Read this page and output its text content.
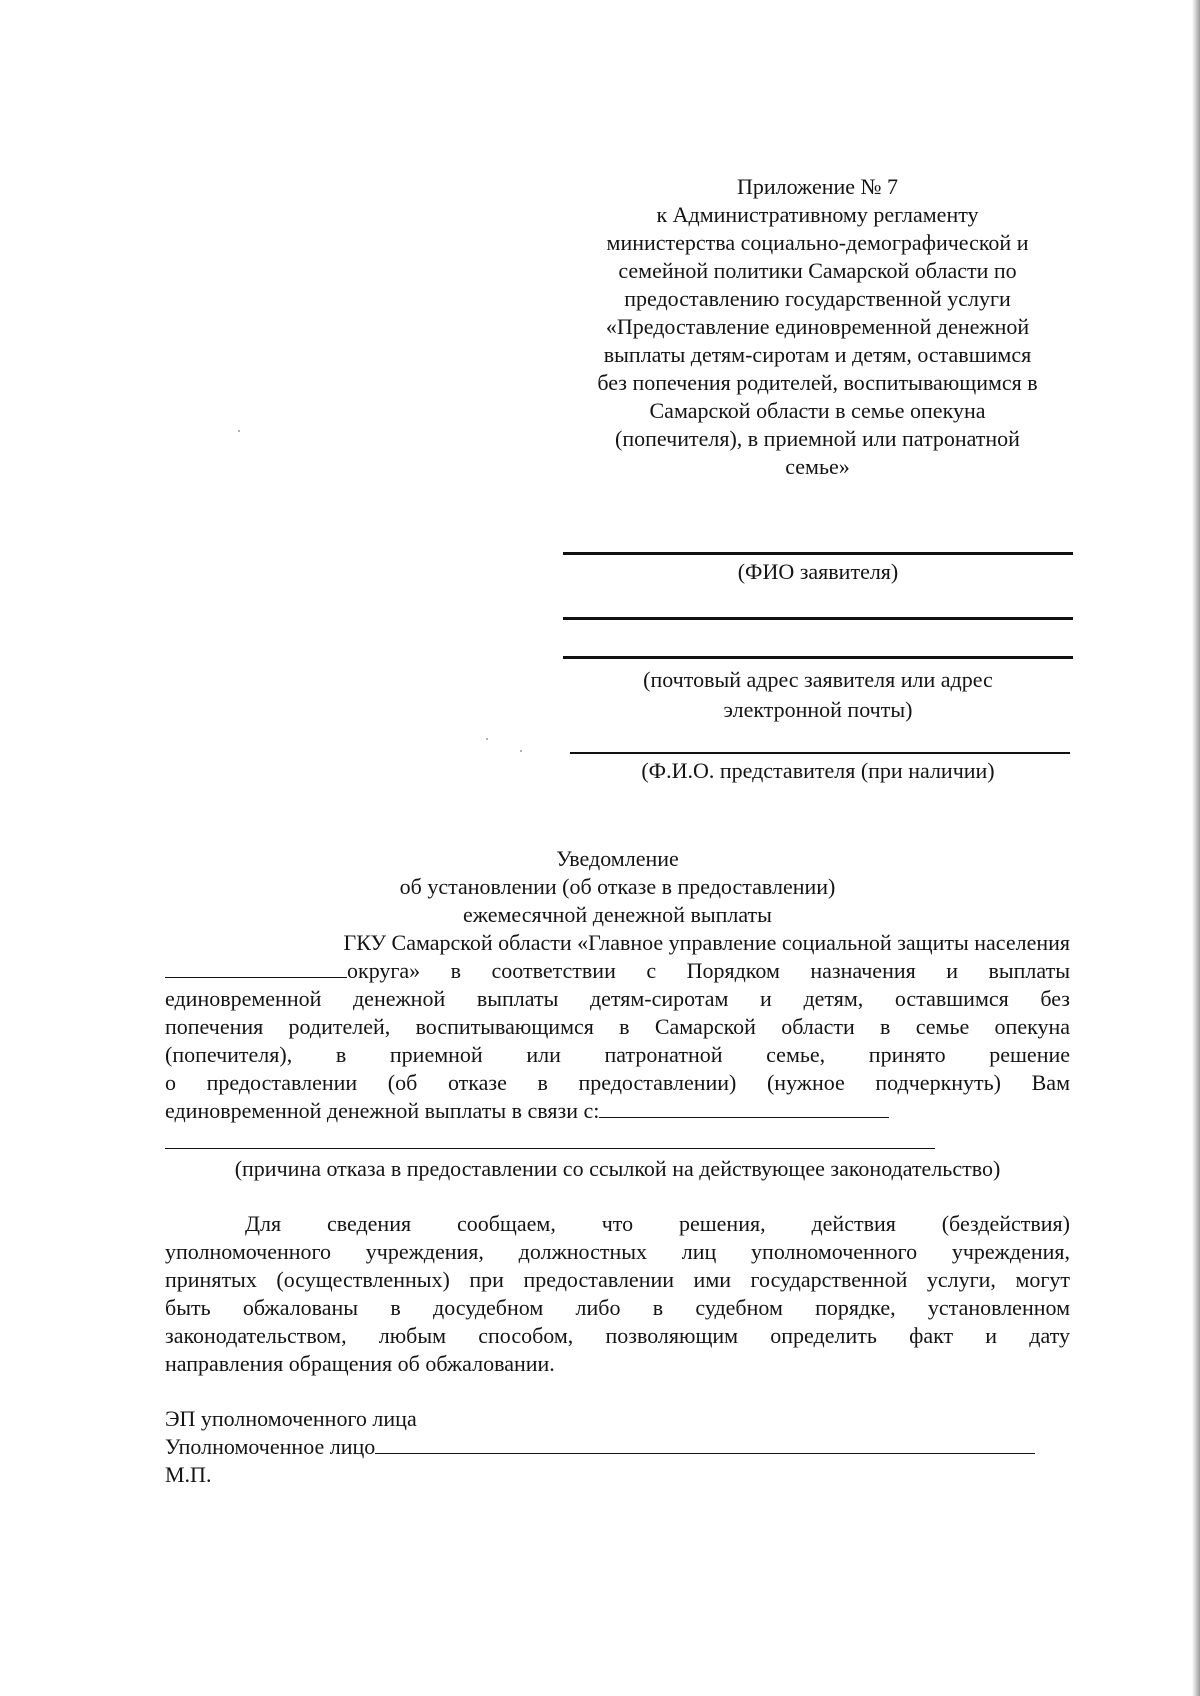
Приложение № 7
к Административному регламенту
министерства социально-демографической и
семейной политики Самарской области по
предоставлению государственной услуги
«Предоставление единовременной денежной
выплаты детям-сиротам и детям, оставшимся
без попечения родителей, воспитывающимся в
Самарской области в семье опекуна
(попечителя), в приемной или патронатной
семье»
(ФИО заявителя)
(почтовый адрес заявителя или адрес
электронной почты)
(Ф.И.О. представителя (при наличии)
Уведомление
об установлении (об отказе в предоставлении)
ежемесячной денежной выплаты
ГКУ Самарской области «Главное управление социальной защиты населения
округа» в соответствии с Порядком назначения и выплаты
единовременной денежной выплаты детям-сиротам и детям, оставшимся без
попечения родителей, воспитывающимся в Самарской области в семье опекуна
(попечителя), в приемной или патронатной семье, принято решение
о предоставлении (об отказе в предоставлении) (нужное подчеркнуть) Вам
единовременной денежной выплаты в связи с:
(причина отказа в предоставлении со ссылкой на действующее законодательство)
Для сведения сообщаем, что решения, действия (бездействия)
уполномоченного учреждения, должностных лиц уполномоченного учреждения,
принятых (осуществленных) при предоставлении ими государственной услуги, могут
быть обжалованы в досудебном либо в судебном порядке, установленном
законодательством, любым способом, позволяющим определить факт и дату
направления обращения об обжаловании.
ЭП уполномоченного лица
Уполномоченное лицо
М.П.
